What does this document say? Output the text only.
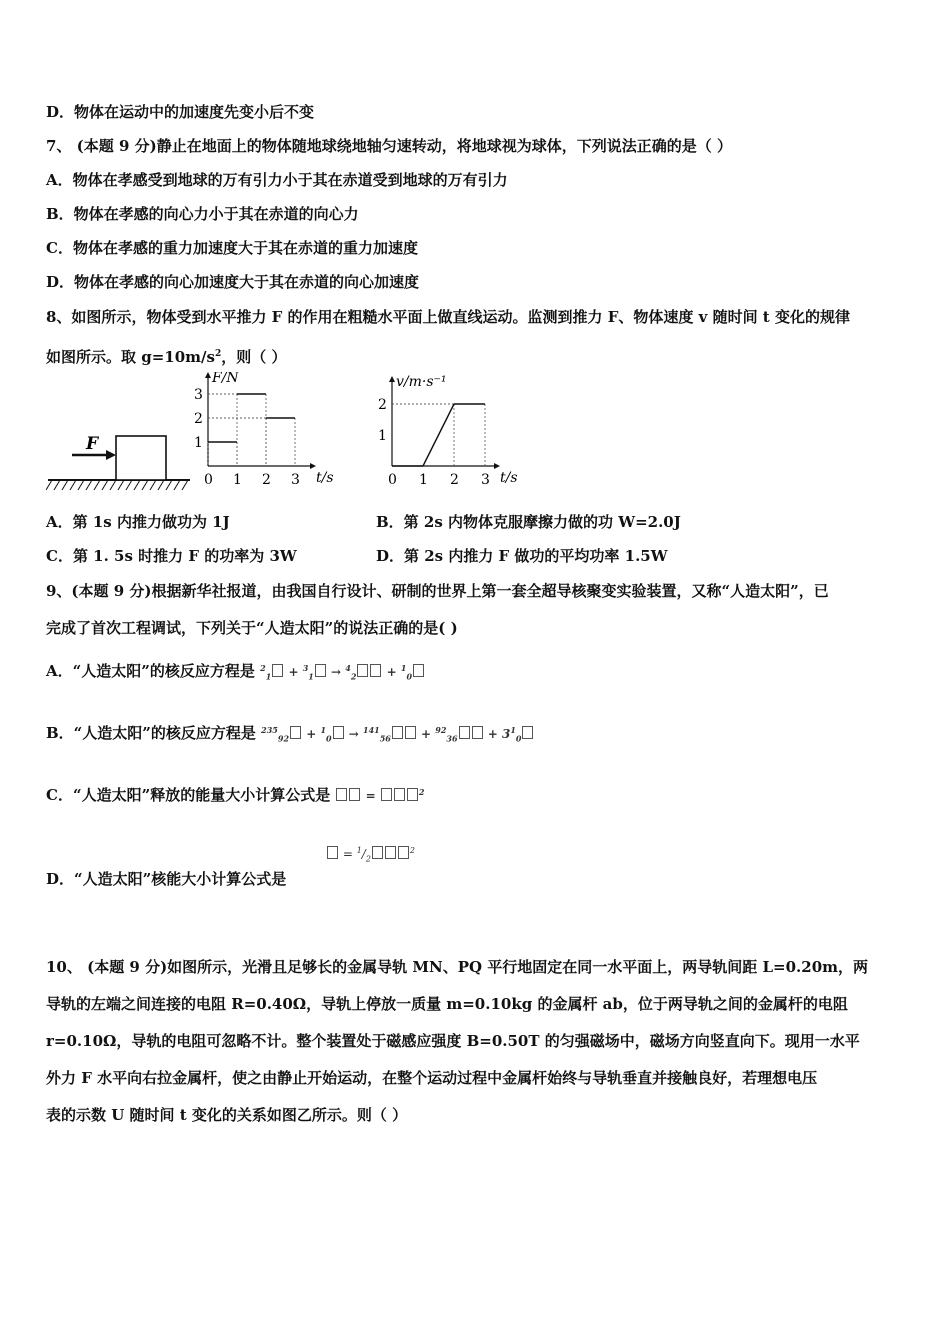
D．物体在运动中的加速度先变小后不变
7、 (本题 9 分)静止在地面上的物体随地球绕地轴匀速转动，将地球视为球体，下列说法正确的是（ ）
A．物体在孝感受到地球的万有引力小于其在赤道受到地球的万有引力
B．物体在孝感的向心力小于其在赤道的向心力
C．物体在孝感的重力加速度大于其在赤道的重力加速度
D．物体在孝感的向心加速度大于其在赤道的向心加速度
8、如图所示，物体受到水平推力 F 的作用在粗糙水平面上做直线运动。监测到推力 F、物体速度 v 随时间 t 变化的规律
如图所示。取 $g=10m/s^2$，则（ ）
F
t/s
F/N
0 1 2 3
1
2
3
t/s
v/m·s⁻¹
0 1 2 3
1
2
A．第 1s 内推力做功为 1J	B．第 2s 内物体克服摩擦力做的功 W=2.0J
C．第 1. 5s 时推力 F 的功率为 3W	D．第 2s 内推力 F 做功的平均功率 1.5W
9、(本题 9 分)根据新华社报道，由我国自行设计、研制的世界上第一套全超导核聚变实验装置，又称“人造太阳”，已
完成了首次工程调试，下列关于“人造太阳”的说法正确的是( )
A．“人造太阳”的核反应方程是 $^2_1$ + $^3_1$ → $^4_2$ + $^1_0$
B．“人造太阳”的核反应方程是 $^{235}_{92} + ^1_0 \to ^{141}_{56} + ^{92}_{36} + 3^1_0$
C．“人造太阳”释放的能量大小计算公式是	=	$^2$
D．“人造太阳”核能大小计算公式是
= $^1/_2^2$
10、 (本题 9 分)如图所示，光滑且足够长的金属导轨 MN、PQ 平行地固定在同一水平面上，两导轨间距 L=0.20m，两
导轨的左端之间连接的电阻 R=0.40Ω，导轨上停放一质量 m=0.10kg 的金属杆 ab，位于两导轨之间的金属杆的电阻
r=0.10Ω，导轨的电阻可忽略不计。整个装置处于磁感应强度 B=0.50T 的匀强磁场中，磁场方向竖直向下。现用一水平
外力 F 水平向右拉金属杆，使之由静止开始运动，在整个运动过程中金属杆始终与导轨垂直并接触良好，若理想电压
表的示数 U 随时间 t 变化的关系如图乙所示。则（ ）
